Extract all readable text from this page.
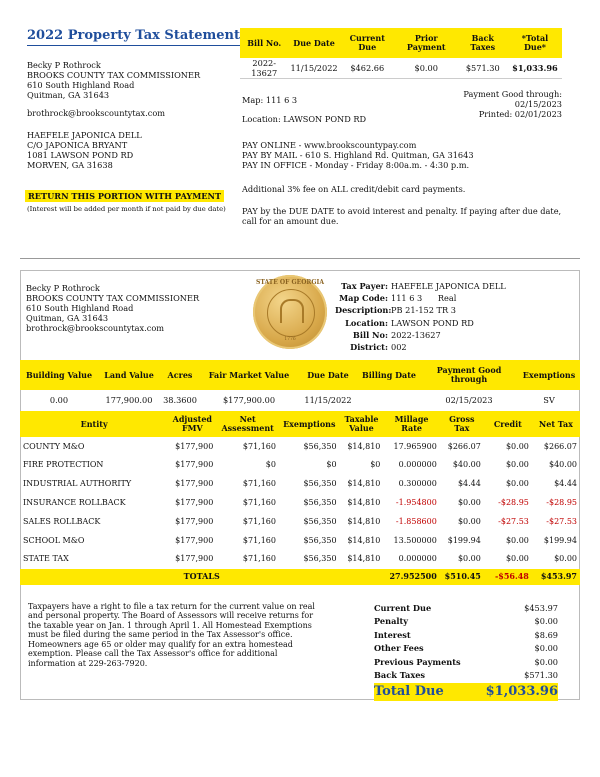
2022 Property Tax Statement
Becky P Rothrock
BROOKS COUNTY TAX COMMISSIONER
610 South Highland Road
Quitman, GA 31643
brothrock@brookscountytax.com
HAEFELE JAPONICA DELL
C/O JAPONICA BRYANT
1081 LAWSON POND RD
MORVEN, GA 31638
RETURN THIS PORTION WITH PAYMENT
(Interest will be added per month if not paid by due date)
Bill No.	Due Date	Current Due	Prior Payment	Back Taxes	*Total Due*
2022-13627	11/15/2022	$462.66	$0.00	$571.30	$1,033.96
Map: 111 6 3
Location: LAWSON POND RD
Payment Good through: 02/15/2023
Printed: 02/01/2023
PAY ONLINE - www.brookscountypay.com
PAY BY MAIL - 610 S. Highland Rd. Quitman, GA 31643
PAY IN OFFICE - Monday - Friday 8:00a.m. - 4:30 p.m.
Additional 3% fee on ALL credit/debit card payments.
PAY by the DUE DATE to avoid interest and penalty. If paying after due date, call for an amount due.
Becky P Rothrock
BROOKS COUNTY TAX COMMISSIONER
610 South Highland Road
Quitman, GA 31643
brothrock@brookscountytax.com
STATE OF GEORGIA
1776
Tax Payer: HAEFELE JAPONICA DELL
Map Code: 111 6 3      Real
Description: PB 21-152 TR 3
Location: LAWSON POND RD
Bill No: 2022-13627
District: 002
Building Value	Land Value	Acres	Fair Market Value	Due Date	Billing Date	Payment Good through	Exemptions
0.00	177,900.00	38.3600	$177,900.00	11/15/2022		02/15/2023	SV
Entity	Adjusted FMV	Net Assessment	Exemptions	Taxable Value	Millage Rate	Gross Tax	Credit	Net Tax
COUNTY M&O	$177,900	$71,160	$56,350	$14,810	17.965900	$266.07	$0.00	$266.07
FIRE PROTECTION	$177,900	$0	$0	$0	0.000000	$40.00	$0.00	$40.00
INDUSTRIAL AUTHORITY	$177,900	$71,160	$56,350	$14,810	0.300000	$4.44	$0.00	$4.44
INSURANCE ROLLBACK	$177,900	$71,160	$56,350	$14,810	-1.954800	$0.00	-$28.95	-$28.95
SALES ROLLBACK	$177,900	$71,160	$56,350	$14,810	-1.858600	$0.00	-$27.53	-$27.53
SCHOOL M&O	$177,900	$71,160	$56,350	$14,810	13.500000	$199.94	$0.00	$199.94
STATE TAX	$177,900	$71,160	$56,350	$14,810	0.000000	$0.00	$0.00	$0.00
TOTALS					27.952500	$510.45	-$56.48	$453.97
Taxpayers have a right to file a tax return for the current value on real and personal property. The Board of Assessors will receive returns for the taxable year on Jan. 1 through April 1. All Homestead Exemptions must be filed during the same period in the Tax Assessor's office. Homeowners age 65 or older may qualify for an extra homestead exemption. Please call the Tax Assessor's office for additional information at 229-263-7920.
Current Due	$453.97
Penalty	$0.00
Interest	$8.69
Other Fees	$0.00
Previous Payments	$0.00
Back Taxes	$571.30
Total Due	$1,033.96
